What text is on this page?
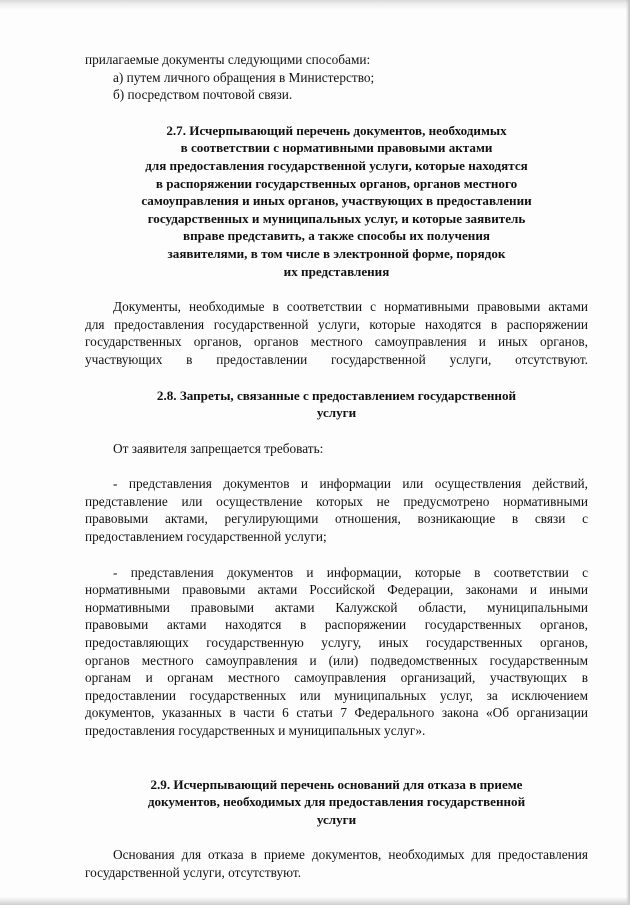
прилагаемые документы следующими способами:
а) путем личного обращения в Министерство;
б) посредством почтовой связи.
2.7. Исчерпывающий перечень документов, необходимых
в соответствии с нормативными правовыми актами
для предоставления государственной услуги, которые находятся
в распоряжении государственных органов, органов местного
самоуправления и иных органов, участвующих в предоставлении
государственных и муниципальных услуг, и которые заявитель
вправе представить, а также способы их получения
заявителями, в том числе в электронной форме, порядок
их представления
Документы, необходимые в соответствии с нормативными правовыми актами
для предоставления государственной услуги, которые находятся в распоряжении
государственных органов, органов местного самоуправления и иных органов,
участвующих в предоставлении государственной услуги, отсутствуют.
2.8. Запреты, связанные с предоставлением государственной
услуги
От заявителя запрещается требовать:
- представления документов и информации или осуществления действий,
представление или осуществление которых не предусмотрено нормативными
правовыми актами, регулирующими отношения, возникающие в связи с
предоставлением государственной услуги;
- представления документов и информации, которые в соответствии с
нормативными правовыми актами Российской Федерации, законами и иными
нормативными правовыми актами Калужской области, муниципальными
правовыми актами находятся в распоряжении государственных органов,
предоставляющих государственную услугу, иных государственных органов,
органов местного самоуправления и (или) подведомственных государственным
органам и органам местного самоуправления организаций, участвующих в
предоставлении государственных или муниципальных услуг, за исключением
документов, указанных в части 6 статьи 7 Федерального закона «Об организации
предоставления государственных и муниципальных услуг».
2.9. Исчерпывающий перечень оснований для отказа в приеме
документов, необходимых для предоставления государственной
услуги
Основания для отказа в приеме документов, необходимых для предоставления
государственной услуги, отсутствуют.
